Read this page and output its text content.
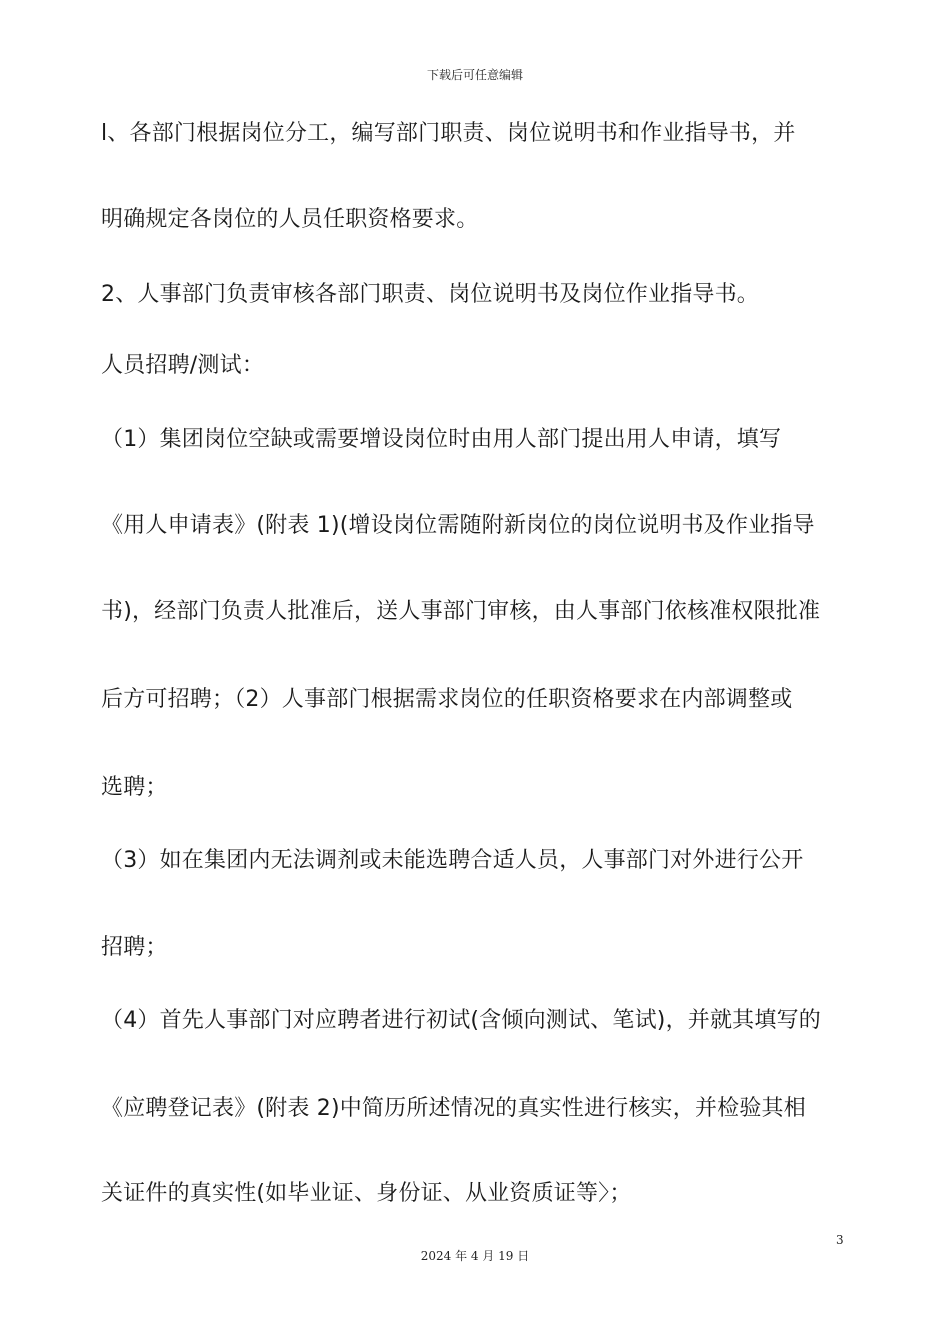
下载后可任意编辑
l、各部门根据岗位分工，编写部门职责、岗位说明书和作业指导书，并
明确规定各岗位的人员任职资格要求。
2、人事部门负责审核各部门职责、岗位说明书及岗位作业指导书。
人员招聘/测试：
（1）集团岗位空缺或需要增设岗位时由用人部门提出用人申请，填写
《用人申请表》(附表 1)(增设岗位需随附新岗位的岗位说明书及作业指导
书)，经部门负责人批准后，送人事部门审核，由人事部门依核准权限批准
后方可招聘；（2）人事部门根据需求岗位的任职资格要求在内部调整或
选聘；
（3）如在集团内无法调剂或未能选聘合适人员，人事部门对外进行公开
招聘；
（4）首先人事部门对应聘者进行初试(含倾向测试、笔试)，并就其填写的
《应聘登记表》(附表 2)中简历所述情况的真实性进行核实，并检验其相
关证件的真实性(如毕业证、身份证、从业资质证等〉；
3
2024 年 4 月 19 日
